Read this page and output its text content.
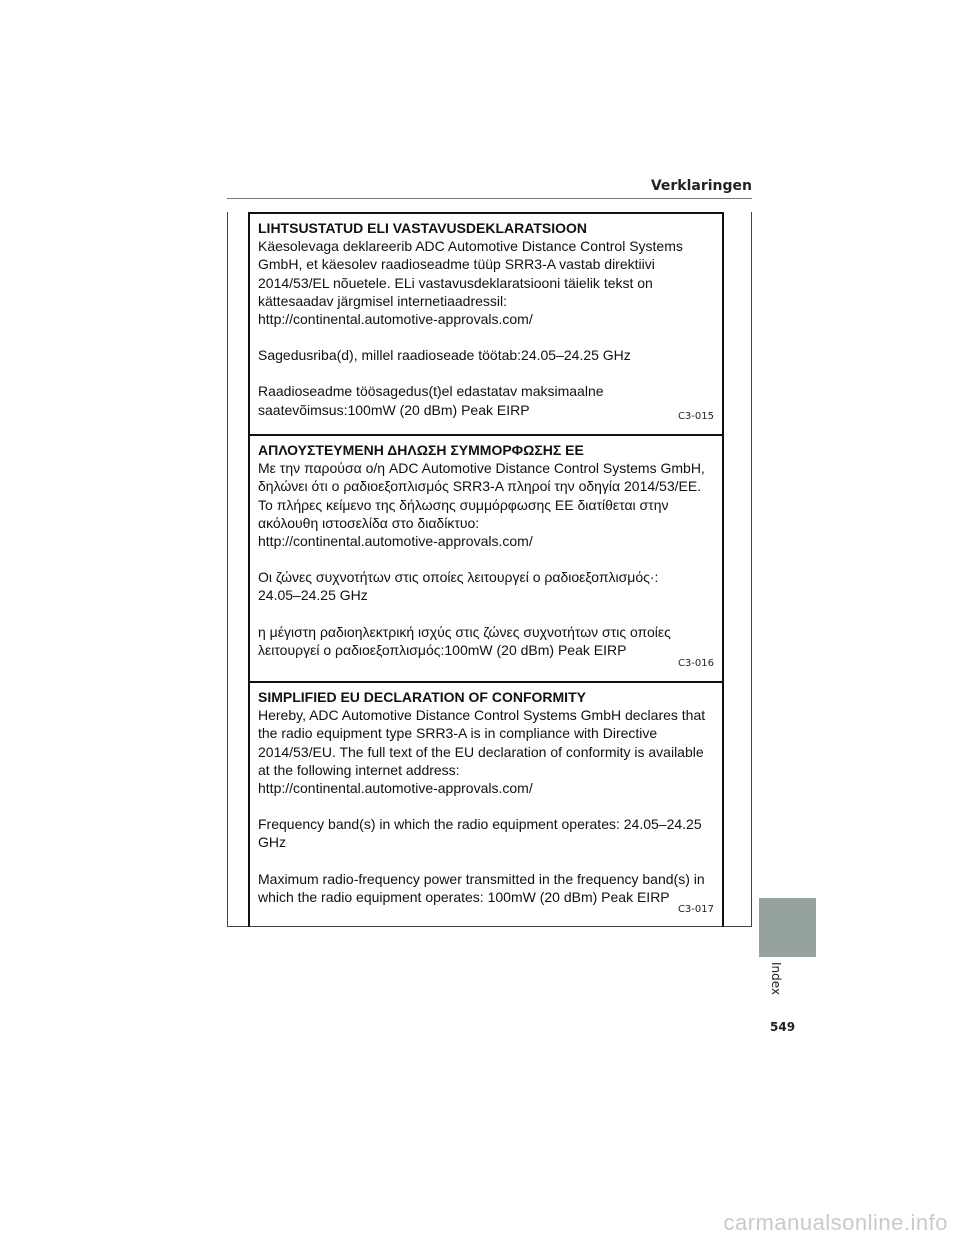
Verklaringen
LIHTSUSTATUD ELI VASTAVUSDEKLARATSIOON
Käesolevaga deklareerib ADC Automotive Distance Control Systems
GmbH, et käesolev raadioseadme tüüp SRR3-A vastab direktiivi
2014/53/EL nõuetele. ELi vastavusdeklaratsiooni täielik tekst on
kättesaadav järgmisel internetiaadressil:
http://continental.automotive-approvals.com/
Sagedusriba(d), millel raadioseade töötab:24.05–24.25 GHz
Raadioseadme töösagedus(t)el edastatav maksimaalne
saatevõimsus:100mW (20 dBm) Peak EIRP	C3-015
ΑΠΛΟΥΣΤΕΥΜΕΝΗ ΔΗΛΩΣΗ ΣΥΜΜΟΡΦΩΣΗΣ ΕΕ
Με την παρούσα ο/η ADC Automotive Distance Control Systems GmbH,
δηλώνει ότι ο ραδιοεξοπλισμός SRR3-A πληροί την οδηγία 2014/53/ΕΕ.
Το πλήρες κείμενο της δήλωσης συμμόρφωσης ΕΕ διατίθεται στην
ακόλουθη ιστοσελίδα στο διαδίκτυο:
http://continental.automotive-approvals.com/
Οι ζώνες συχνοτήτων στις οποίες λειτουργεί ο ραδιοεξοπλισμός·:
24.05–24.25 GHz
η μέγιστη ραδιοηλεκτρική ισχύς στις ζώνες συχνοτήτων στις οποίες
λειτουργεί ο ραδιοεξοπλισμός:100mW (20 dBm) Peak EIRP
C3-016
SIMPLIFIED EU DECLARATION OF CONFORMITY
Hereby, ADC Automotive Distance Control Systems GmbH declares that
the radio equipment type SRR3-A is in compliance with Directive
2014/53/EU. The full text of the EU declaration of conformity is available
at the following internet address:
http://continental.automotive-approvals.com/
Frequency band(s) in which the radio equipment operates: 24.05–24.25
GHz
Maximum radio-frequency power transmitted in the frequency band(s) in
which the radio equipment operates: 100mW (20 dBm) Peak EIRP
C3-017
Index
549
carmanualsonline.info
